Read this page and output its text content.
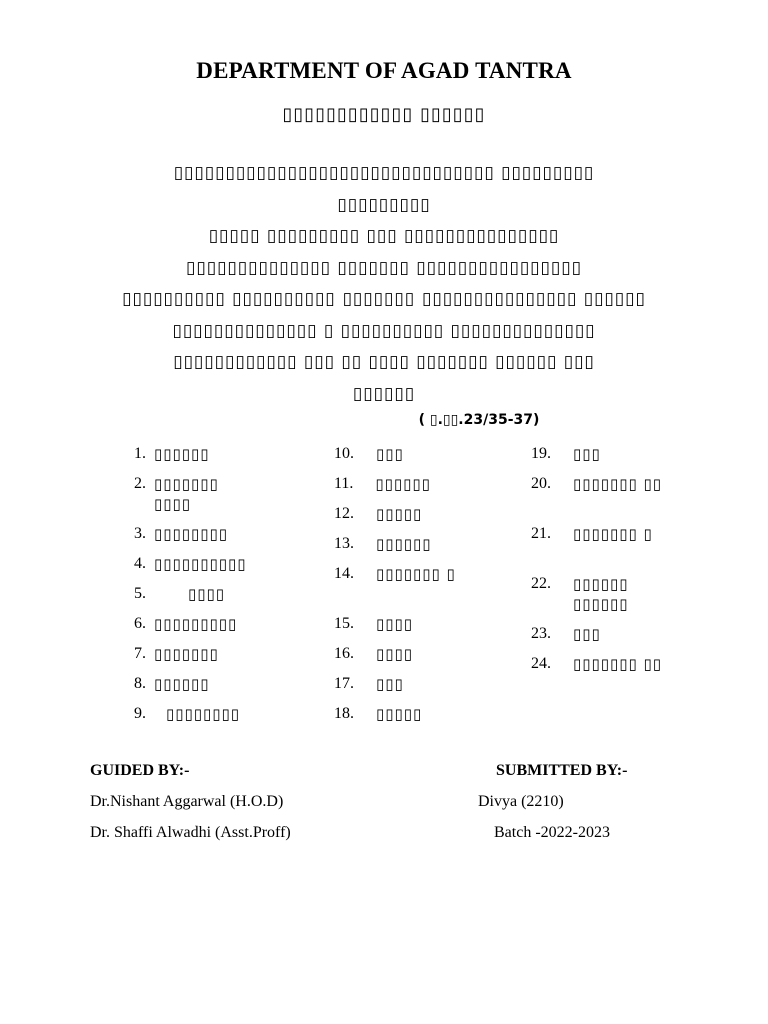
DEPARTMENT OF AGAD TANTRA
▯▯▯▯▯▯▯▯▯▯▯▯ ▯▯▯▯▯▯
▯▯▯▯▯▯▯▯▯▯▯▯▯▯▯▯▯▯▯▯▯▯▯▯▯▯▯▯▯▯▯ ▯▯▯▯▯▯▯▯▯
▯▯▯▯▯▯▯▯▯
▯▯▯▯▯ ▯▯▯▯▯▯▯▯▯ ▯▯▯ ▯▯▯▯▯▯▯▯▯▯▯▯▯▯▯
▯▯▯▯▯▯▯▯▯▯▯▯▯▯ ▯▯▯▯▯▯▯ ▯▯▯▯▯▯▯▯▯▯▯▯▯▯▯▯
▯▯▯▯▯▯▯▯▯▯ ▯▯▯▯▯▯▯▯▯▯ ▯▯▯▯▯▯▯ ▯▯▯▯▯▯▯▯▯▯▯▯▯▯▯ ▯▯▯▯▯▯
▯▯▯▯▯▯▯▯▯▯▯▯▯▯ ▯ ▯▯▯▯▯▯▯▯▯▯ ▯▯▯▯▯▯▯▯▯▯▯▯▯▯
▯▯▯▯▯▯▯▯▯▯▯▯ ▯▯▯ ▯▯ ▯▯▯▯ ▯▯▯▯▯▯▯ ▯▯▯▯▯▯ ▯▯▯
▯▯▯▯▯▯
( ▯.▯▯.23/35-37)
1. ▯▯▯▯▯▯
2. ▯▯▯▯▯▯▯ ▯▯▯▯
3. ▯▯▯▯▯▯▯▯
4. ▯▯▯▯▯▯▯▯▯▯
5.	▯▯▯▯
6. ▯▯▯▯▯▯▯▯▯
7. ▯▯▯▯▯▯▯
8. ▯▯▯▯▯▯
9.	▯▯▯▯▯▯▯▯
10. ▯▯▯
11. ▯▯▯▯▯▯
12. ▯▯▯▯▯
13. ▯▯▯▯▯▯
14. ▯▯▯▯▯▯▯ ▯
15. ▯▯▯▯
16. ▯▯▯▯
17. ▯▯▯
18. ▯▯▯▯▯
19. ▯▯▯
20. ▯▯▯▯▯▯▯ ▯▯
21. ▯▯▯▯▯▯▯ ▯
22. ▯▯▯▯▯▯ ▯▯▯▯▯▯
23. ▯▯▯
24. ▯▯▯▯▯▯▯ ▯▯
GUIDED BY:-
Dr.Nishant Aggarwal (H.O.D)
Dr. Shaffi Alwadhi (Asst.Proff)
SUBMITTED BY:-
Divya (2210)
Batch -2022-2023
